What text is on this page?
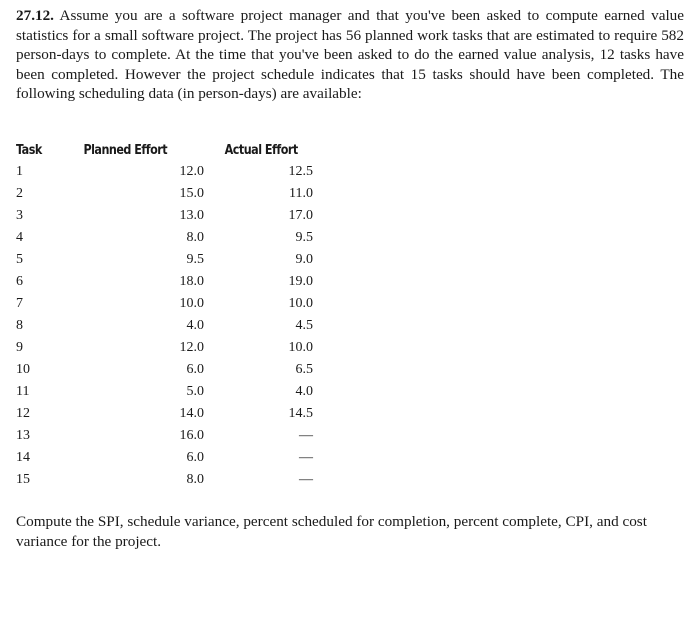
27.12. Assume you are a software project manager and that you've been asked to compute earned value statistics for a small software project. The project has 56 planned work tasks that are estimated to require 582 person-days to complete. At the time that you've been asked to do the earned value analysis, 12 tasks have been completed. However the project schedule indicates that 15 tasks should have been completed. The following scheduling data (in person-days) are available:

Task	Planned Effort	Actual Effort
1	12.0	12.5
2	15.0	11.0
3	13.0	17.0
4	8.0	9.5
5	9.5	9.0
6	18.0	19.0
7	10.0	10.0
8	4.0	4.5
9	12.0	10.0
10	6.0	6.5
11	5.0	4.0
12	14.0	14.5
13	16.0	—
14	6.0	—
15	8.0	—

Compute the SPI, schedule variance, percent scheduled for completion, percent complete, CPI, and cost variance for the project.
